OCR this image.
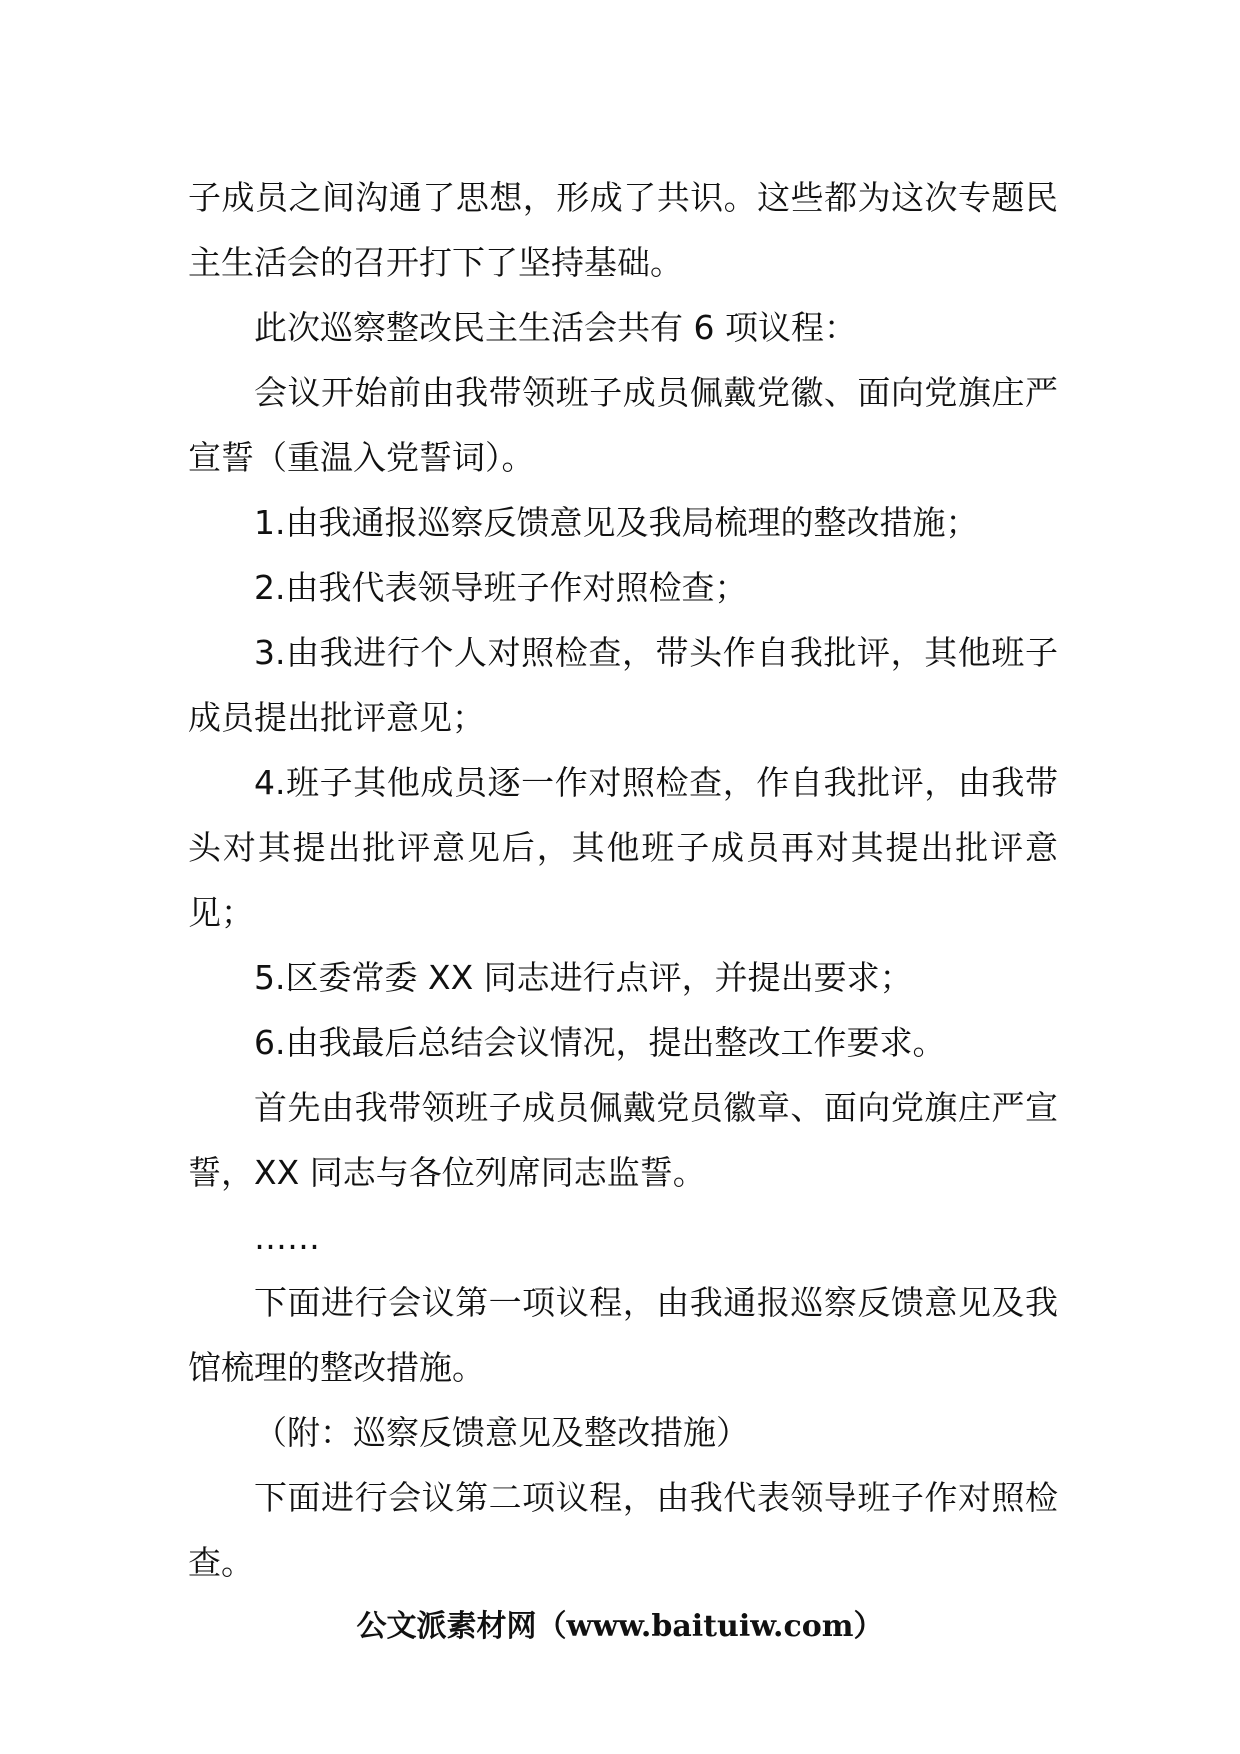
子成员之间沟通了思想，形成了共识。这些都为这次专题民主生活会的召开打下了坚持基础。

此次巡察整改民主生活会共有 6 项议程：

会议开始前由我带领班子成员佩戴党徽、面向党旗庄严宣誓（重温入党誓词）。

1.由我通报巡察反馈意见及我局梳理的整改措施；

2.由我代表领导班子作对照检查；

3.由我进行个人对照检查，带头作自我批评，其他班子成员提出批评意见；

4.班子其他成员逐一作对照检查，作自我批评，由我带头对其提出批评意见后，其他班子成员再对其提出批评意见；

5.区委常委 XX 同志进行点评，并提出要求；

6.由我最后总结会议情况，提出整改工作要求。

首先由我带领班子成员佩戴党员徽章、面向党旗庄严宣誓，XX 同志与各位列席同志监誓。

……

下面进行会议第一项议程，由我通报巡察反馈意见及我馆梳理的整改措施。

（附：巡察反馈意见及整改措施）

下面进行会议第二项议程，由我代表领导班子作对照检查。

公文派素材网（www.baituiw.com）
